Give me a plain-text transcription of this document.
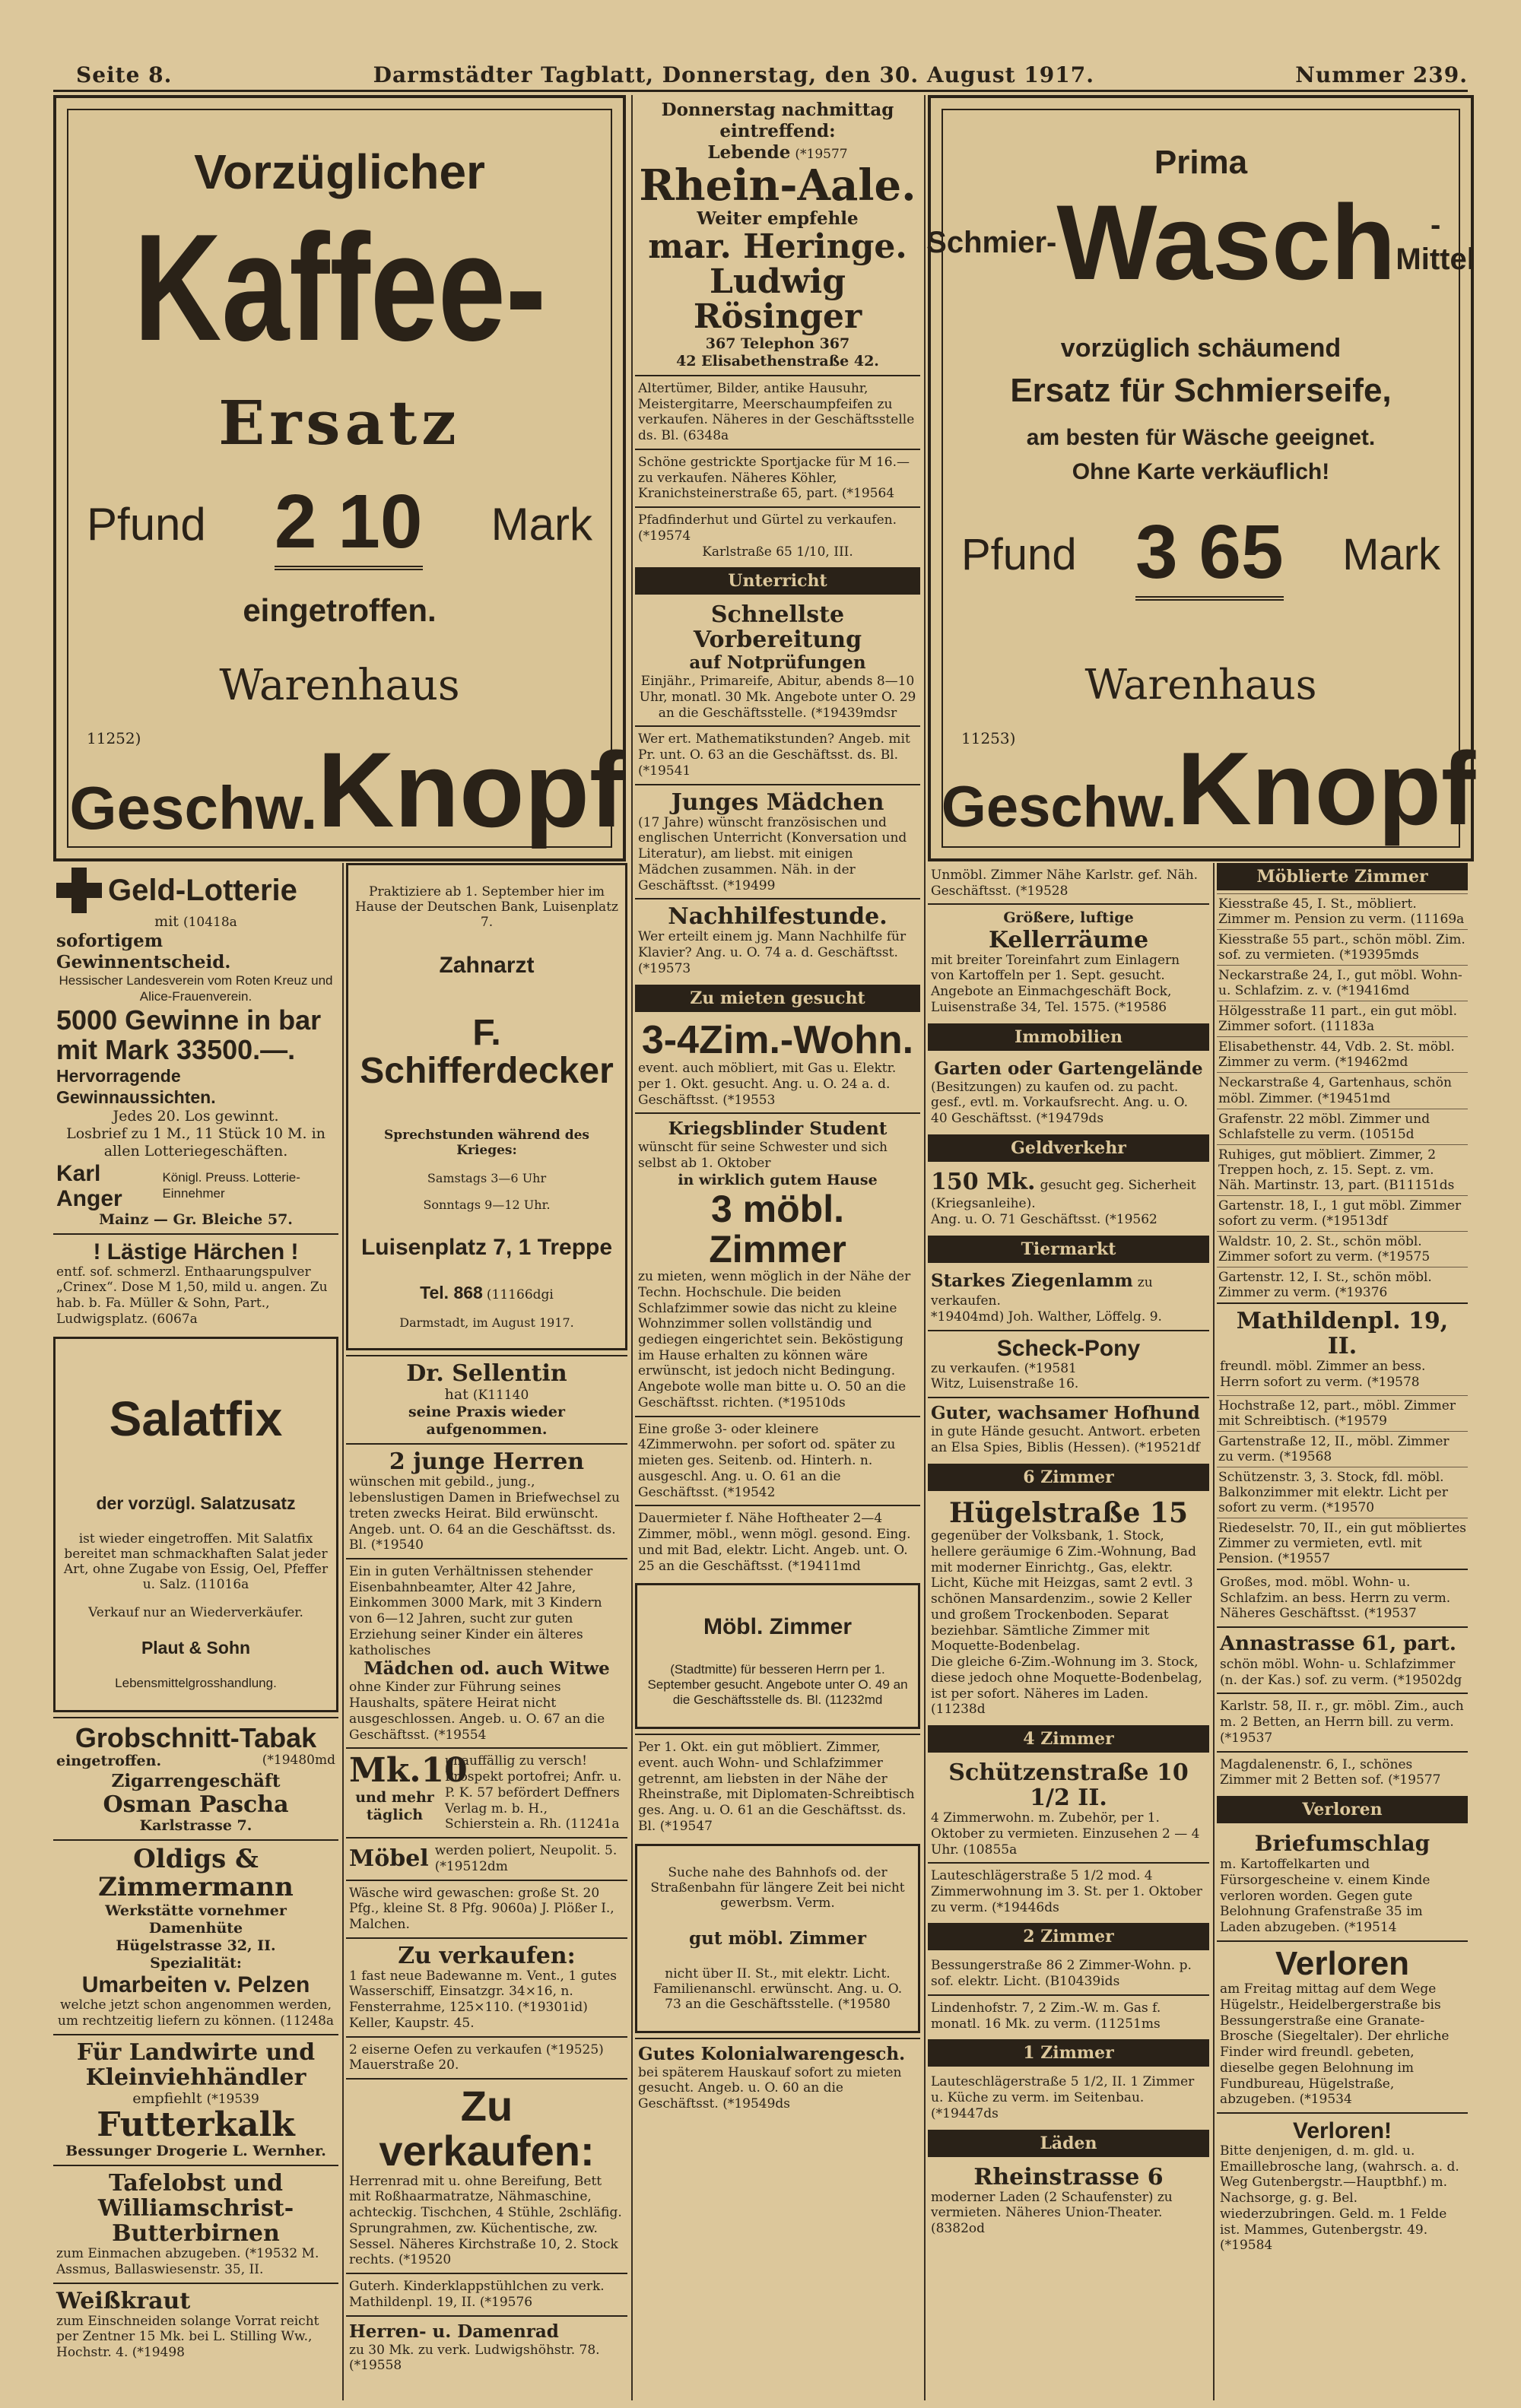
Seite 8.	Darmstädter Tagblatt, Donnerstag, den 30. August 1917.	Nummer 239.
Vorzüglicher
Kaffee-
Ersatz
Pfund 2 10 Mark
eingetroffen.
Warenhaus
11252)
Geschw. Knopf
Prima
Schmier- Wasch	-Mittel
vorzüglich schäumend
Ersatz für Schmierseife,
am besten für Wäsche geeignet.
Ohne Karte verkäuflich!
Pfund 3 65 Mark
Warenhaus
11253)
Geschw. Knopf
Geld-Lotterie

mit (10418a

sofortigem Gewinnentscheid.

Hessischer Landesverein vom Roten Kreuz und Alice-Frauenverein.

5000 Gewinne in bar

mit Mark 33500.—.

Hervorragende Gewinnaussichten.

Jedes 20. Los gewinnt.

Losbrief zu 1 M., 11 Stück 10 M. in allen Lotteriegeschäften.

Karl Anger
Königl. Preuss. Lotterie-Einnehmer

Mainz — Gr. Bleiche 57.

! Lästige Härchen !

entf. sof. schmerzl. Enthaarungspulver „Crinex“. Dose M 1,50, mild u. angen. Zu hab. b. Fa. Müller & Sohn, Part., Ludwigsplatz. (6067a

Salatfix

der vorzügl. Salatzusatz

ist wieder eingetroffen. Mit Salatfix bereitet man schmackhaften Salat jeder Art, ohne Zugabe von Essig, Oel, Pfeffer u. Salz. (11016a

Verkauf nur an Wiederverkäufer.

Plaut & Sohn

Lebensmittelgrosshandlung.

Grobschnitt-Tabak

eingetroffen.	(*19480md

Zigarrengeschäft

Osman Pascha

Karlstrasse 7.

Oldigs & Zimmermann

Werkstätte vornehmer Damenhüte

Hügelstrasse 32, II.

Spezialität:

Umarbeiten v. Pelzen

welche jetzt schon angenommen werden, um rechtzeitig liefern zu können. (11248a

Für Landwirte und Kleinviehhändler

empfiehlt (*19539

Futterkalk

Bessunger Drogerie L. Wernher.

Tafelobst und Williamschrist-Butterbirnen

zum Einmachen abzugeben. (*19532 M. Assmus, Ballaswiesenstr. 35, II.

Weißkraut

zum Einschneiden solange Vorrat reicht per Zentner 15 Mk. bei L. Stilling Ww., Hochstr. 4. (*19498

Praktiziere ab 1. September hier im Hause der Deutschen Bank, Luisenplatz 7.

Zahnarzt

F. Schifferdecker

Sprechstunden während des Krieges:

Samstags 3—6 Uhr

Sonntags 9—12 Uhr.

Luisenplatz 7, 1 Treppe

Tel. 868 (11166dgi

Darmstadt, im August 1917.

Dr. Sellentin

hat (K11140

seine Praxis wieder aufgenommen.

2 junge Herren

wünschen mit gebild., jung., lebenslustigen Damen in Briefwechsel zu treten zwecks Heirat. Bild erwünscht. Angeb. unt. O. 64 an die Geschäftsst. ds. Bl. (*19540

Ein in guten Verhältnissen stehender Eisenbahnbeamter, Alter 42 Jahre, Einkommen 3000 Mark, mit 3 Kindern von 6—12 Jahren, sucht zur guten Erziehung seiner Kinder ein älteres katholisches

Mädchen od. auch Witwe

ohne Kinder zur Führung seines Haushalts, spätere Heirat nicht ausgeschlossen. Angeb. u. O. 67 an die Geschäftsst. (*19554

Mk.10

und mehr täglich

unauffällig zu versch! Prospekt portofrei; Anfr. u. P. K. 57 befördert Deffners Verlag m. b. H., Schierstein a. Rh. (11241a

Möbel werden poliert, Neupolit. 5. (*19512dm
Wäsche wird gewaschen: große St. 20 Pfg., kleine St. 8 Pfg. 9060a) J. Plößer I., Malchen.

Zu verkaufen:

1 fast neue Badewanne m. Vent., 1 gutes Wasserschiff, Einsatzgr. 34×16, n. Fensterrahme, 125×110. (*19301id) Keller, Kaupstr. 45.

2 eiserne Oefen zu verkaufen (*19525) Mauerstraße 20.

Zu verkaufen:

Herrenrad mit u. ohne Bereifung, Bett mit Roßhaarmatratze, Nähmaschine, achteckig. Tischchen, 4 Stühle, 2schläfig. Sprungrahmen, zw. Küchentische, zw. Sessel. Näheres Kirchstraße 10, 2. Stock rechts. (*19520

Guterh. Kinderklappstühlchen zu verk. Mathildenpl. 19, II. (*19576

Herren- u. Damenrad

zu 30 Mk. zu verk. Ludwigshöhstr. 78. (*19558

Donnerstag nachmittag eintreffend:

Lebende (*19577

Rhein-Aale.

Weiter empfehle

mar. Heringe.

Ludwig Rösinger

367 Telephon 367

42 Elisabethenstraße 42.

Altertümer, Bilder, antike Hausuhr, Meistergitarre, Meerschaumpfeifen zu verkaufen. Näheres in der Geschäftsstelle ds. Bl. (6348a
Schöne gestrickte Sportjacke für M 16.— zu verkaufen. Näheres Köhler, Kranichsteinerstraße 65, part. (*19564

Pfadfinderhut und Gürtel zu verkaufen. (*19574

Karlstraße 65 1/10, III.

Unterricht

Schnellste Vorbereitung

auf Notprüfungen

Einjähr., Primareife, Abitur, abends 8—10 Uhr, monatl. 30 Mk. Angebote unter O. 29 an die Geschäftsstelle. (*19439mdsr

Wer ert. Mathematikstunden? Angeb. mit Pr. unt. O. 63 an die Geschäftsst. ds. Bl. (*19541

Junges Mädchen

(17 Jahre) wünscht französischen und englischen Unterricht (Konversation und Literatur), am liebst. mit einigen Mädchen zusammen. Näh. in der Geschäftsst. (*19499

Nachhilfestunde.

Wer erteilt einem jg. Mann Nachhilfe für Klavier? Ang. u. O. 74 a. d. Geschäftsst. (*19573

Zu mieten gesucht

3-4Zim.-Wohn.

event. auch möbliert, mit Gas u. Elektr. per 1. Okt. gesucht. Ang. u. O. 24 a. d. Geschäftsst. (*19553

Kriegsblinder Student

wünscht für seine Schwester und sich selbst ab 1. Oktober

in wirklich gutem Hause

3 möbl. Zimmer

zu mieten, wenn möglich in der Nähe der Techn. Hochschule. Die beiden Schlafzimmer sowie das nicht zu kleine Wohnzimmer sollen vollständig und gediegen eingerichtet sein. Beköstigung im Hause erhalten zu können wäre erwünscht, ist jedoch nicht Bedingung. Angebote wolle man bitte u. O. 50 an die Geschäftsst. richten. (*19510ds

Eine große 3- oder kleinere 4Zimmerwohn. per sofort od. später zu mieten ges. Seitenb. od. Hinterh. n. ausgeschl. Ang. u. O. 61 an die Geschäftsst. (*19542
Dauermieter f. Nähe Hoftheater 2—4 Zimmer, möbl., wenn mögl. gesond. Eing. und mit Bad, elektr. Licht. Angeb. unt. O. 25 an die Geschäftsst. (*19411md

Möbl. Zimmer

(Stadtmitte) für besseren Herrn per 1. September gesucht. Angebote unter O. 49 an die Geschäftsstelle ds. Bl. (11232md

Per 1. Okt. ein gut möbliert. Zimmer, event. auch Wohn- und Schlafzimmer getrennt, am liebsten in der Nähe der Rheinstraße, mit Diplomaten-Schreibtisch ges. Ang. u. O. 61 an die Geschäftsst. ds. Bl. (*19547

Suche nahe des Bahnhofs od. der Straßenbahn für längere Zeit bei nicht gewerbsm. Verm.

gut möbl. Zimmer

nicht über II. St., mit elektr. Licht. Familienanschl. erwünscht. Ang. u. O. 73 an die Geschäftsstelle. (*19580

Gutes Kolonialwarengesch.

bei späterem Hauskauf sofort zu mieten gesucht. Angeb. u. O. 60 an die Geschäftsst. (*19549ds

Unmöbl. Zimmer Nähe Karlstr. gef. Näh. Geschäftsst. (*19528

Größere, luftige

Kellerräume

mit breiter Toreinfahrt zum Einlagern von Kartoffeln per 1. Sept. gesucht. Angebote an Einmachgeschäft Bock, Luisenstraße 34, Tel. 1575. (*19586

Immobilien

Garten oder Gartengelände

(Besitzungen) zu kaufen od. zu pacht. gesf., evtl. m. Vorkaufsrecht. Ang. u. O. 40 Geschäftsst. (*19479ds

Geldverkehr

150 Mk. gesucht geg. Sicherheit (Kriegsanleihe).

Ang. u. O. 71 Geschäftsst. (*19562

Tiermarkt

Starkes Ziegenlamm zu verkaufen.

*19404md) Joh. Walther, Löffelg. 9.

Scheck-Pony

zu verkaufen. (*19581

Witz, Luisenstraße 16.

Guter, wachsamer Hofhund

in gute Hände gesucht. Antwort. erbeten an Elsa Spies, Biblis (Hessen). (*19521df

6 Zimmer

Hügelstraße 15

gegenüber der Volksbank, 1. Stock, hellere geräumige 6 Zim.-Wohnung, Bad mit moderner Einrichtg., Gas, elektr. Licht, Küche mit Heizgas, samt 2 evtl. 3 schönen Mansardenzim., sowie 2 Keller und großem Trockenboden. Separat beziehbar. Sämtliche Zimmer mit Moquette-Bodenbelag.

Die gleiche 6-Zim.-Wohnung im 3. Stock, diese jedoch ohne Moquette-Bodenbelag, ist per sofort. Näheres im Laden. (11238d

4 Zimmer

Schützenstraße 10 1/2 II.

4 Zimmerwohn. m. Zubehör, per 1. Oktober zu vermieten. Einzusehen 2 — 4 Uhr. (10855a

Lauteschlägerstraße 5 1/2 mod. 4 Zimmerwohnung im 3. St. per 1. Oktober zu verm. (*19446ds
2 Zimmer
Bessungerstraße 86 2 Zimmer-Wohn. p. sof. elektr. Licht. (B10439ids
Lindenhofstr. 7, 2 Zim.-W. m. Gas f. monatl. 16 Mk. zu verm. (11251ms
1 Zimmer
Lauteschlägerstraße 5 1/2, II. 1 Zimmer u. Küche zu verm. im Seitenbau. (*19447ds
Läden

Rheinstrasse 6

moderner Laden (2 Schaufenster) zu vermieten. Näheres Union-Theater. (8382od

Möblierte Zimmer
Kiesstraße 45, I. St., möbliert. Zimmer m. Pension zu verm. (11169a
Kiesstraße 55 part., schön möbl. Zim. sof. zu vermieten. (*19395mds
Neckarstraße 24, I., gut möbl. Wohn- u. Schlafzim. z. v. (*19416md
Hölgesstraße 11 part., ein gut möbl. Zimmer sofort. (11183a
Elisabethenstr. 44, Vdb. 2. St. möbl. Zimmer zu verm. (*19462md
Neckarstraße 4, Gartenhaus, schön möbl. Zimmer. (*19451md
Grafenstr. 22 möbl. Zimmer und Schlafstelle zu verm. (10515d
Ruhiges, gut möbliert. Zimmer, 2 Treppen hoch, z. 15. Sept. z. vm. Näh. Martinstr. 13, part. (B11151ds
Gartenstr. 18, I., 1 gut möbl. Zimmer sofort zu verm. (*19513df
Waldstr. 10, 2. St., schön möbl. Zimmer sofort zu verm. (*19575
Gartenstr. 12, I. St., schön möbl. Zimmer zu verm. (*19376

Mathildenpl. 19, II.

freundl. möbl. Zimmer an bess. Herrn sofort zu verm. (*19578

Hochstraße 12, part., möbl. Zimmer mit Schreibtisch. (*19579
Gartenstraße 12, II., möbl. Zimmer zu verm. (*19568
Schützenstr. 3, 3. Stock, fdl. möbl. Balkonzimmer mit elektr. Licht per sofort zu verm. (*19570
Riedeselstr. 70, II., ein gut möbliertes Zimmer zu vermieten, evtl. mit Pension. (*19557
Großes, mod. möbl. Wohn- u. Schlafzim. an bess. Herrn zu verm. Näheres Geschäftsst. (*19537

Annastrasse 61, part.

schön möbl. Wohn- u. Schlafzimmer (n. der Kas.) sof. zu verm. (*19502dg

Karlstr. 58, II. r., gr. möbl. Zim., auch m. 2 Betten, an Herrn bill. zu verm. (*19537
Magdalenenstr. 6, I., schönes Zimmer mit 2 Betten sof. (*19577
Verloren

Briefumschlag

m. Kartoffelkarten und Fürsorgescheine v. einem Kinde verloren worden. Gegen gute Belohnung Grafenstraße 35 im Laden abzugeben. (*19514

Verloren

am Freitag mittag auf dem Wege Hügelstr., Heidelbergerstraße bis Bessungerstraße eine Granate-Brosche (Siegeltaler). Der ehrliche Finder wird freundl. gebeten, dieselbe gegen Belohnung im Fundbureau, Hügelstraße, abzugeben. (*19534

Verloren!

Bitte denjenigen, d. m. gld. u. Emaillebrosche lang, (wahrsch. a. d. Weg Gutenbergstr.—Hauptbhf.) m. Nachsorge, g. g. Bel. wiederzubringen. Geld. m. 1 Felde ist. Mammes, Gutenbergstr. 49. (*19584
